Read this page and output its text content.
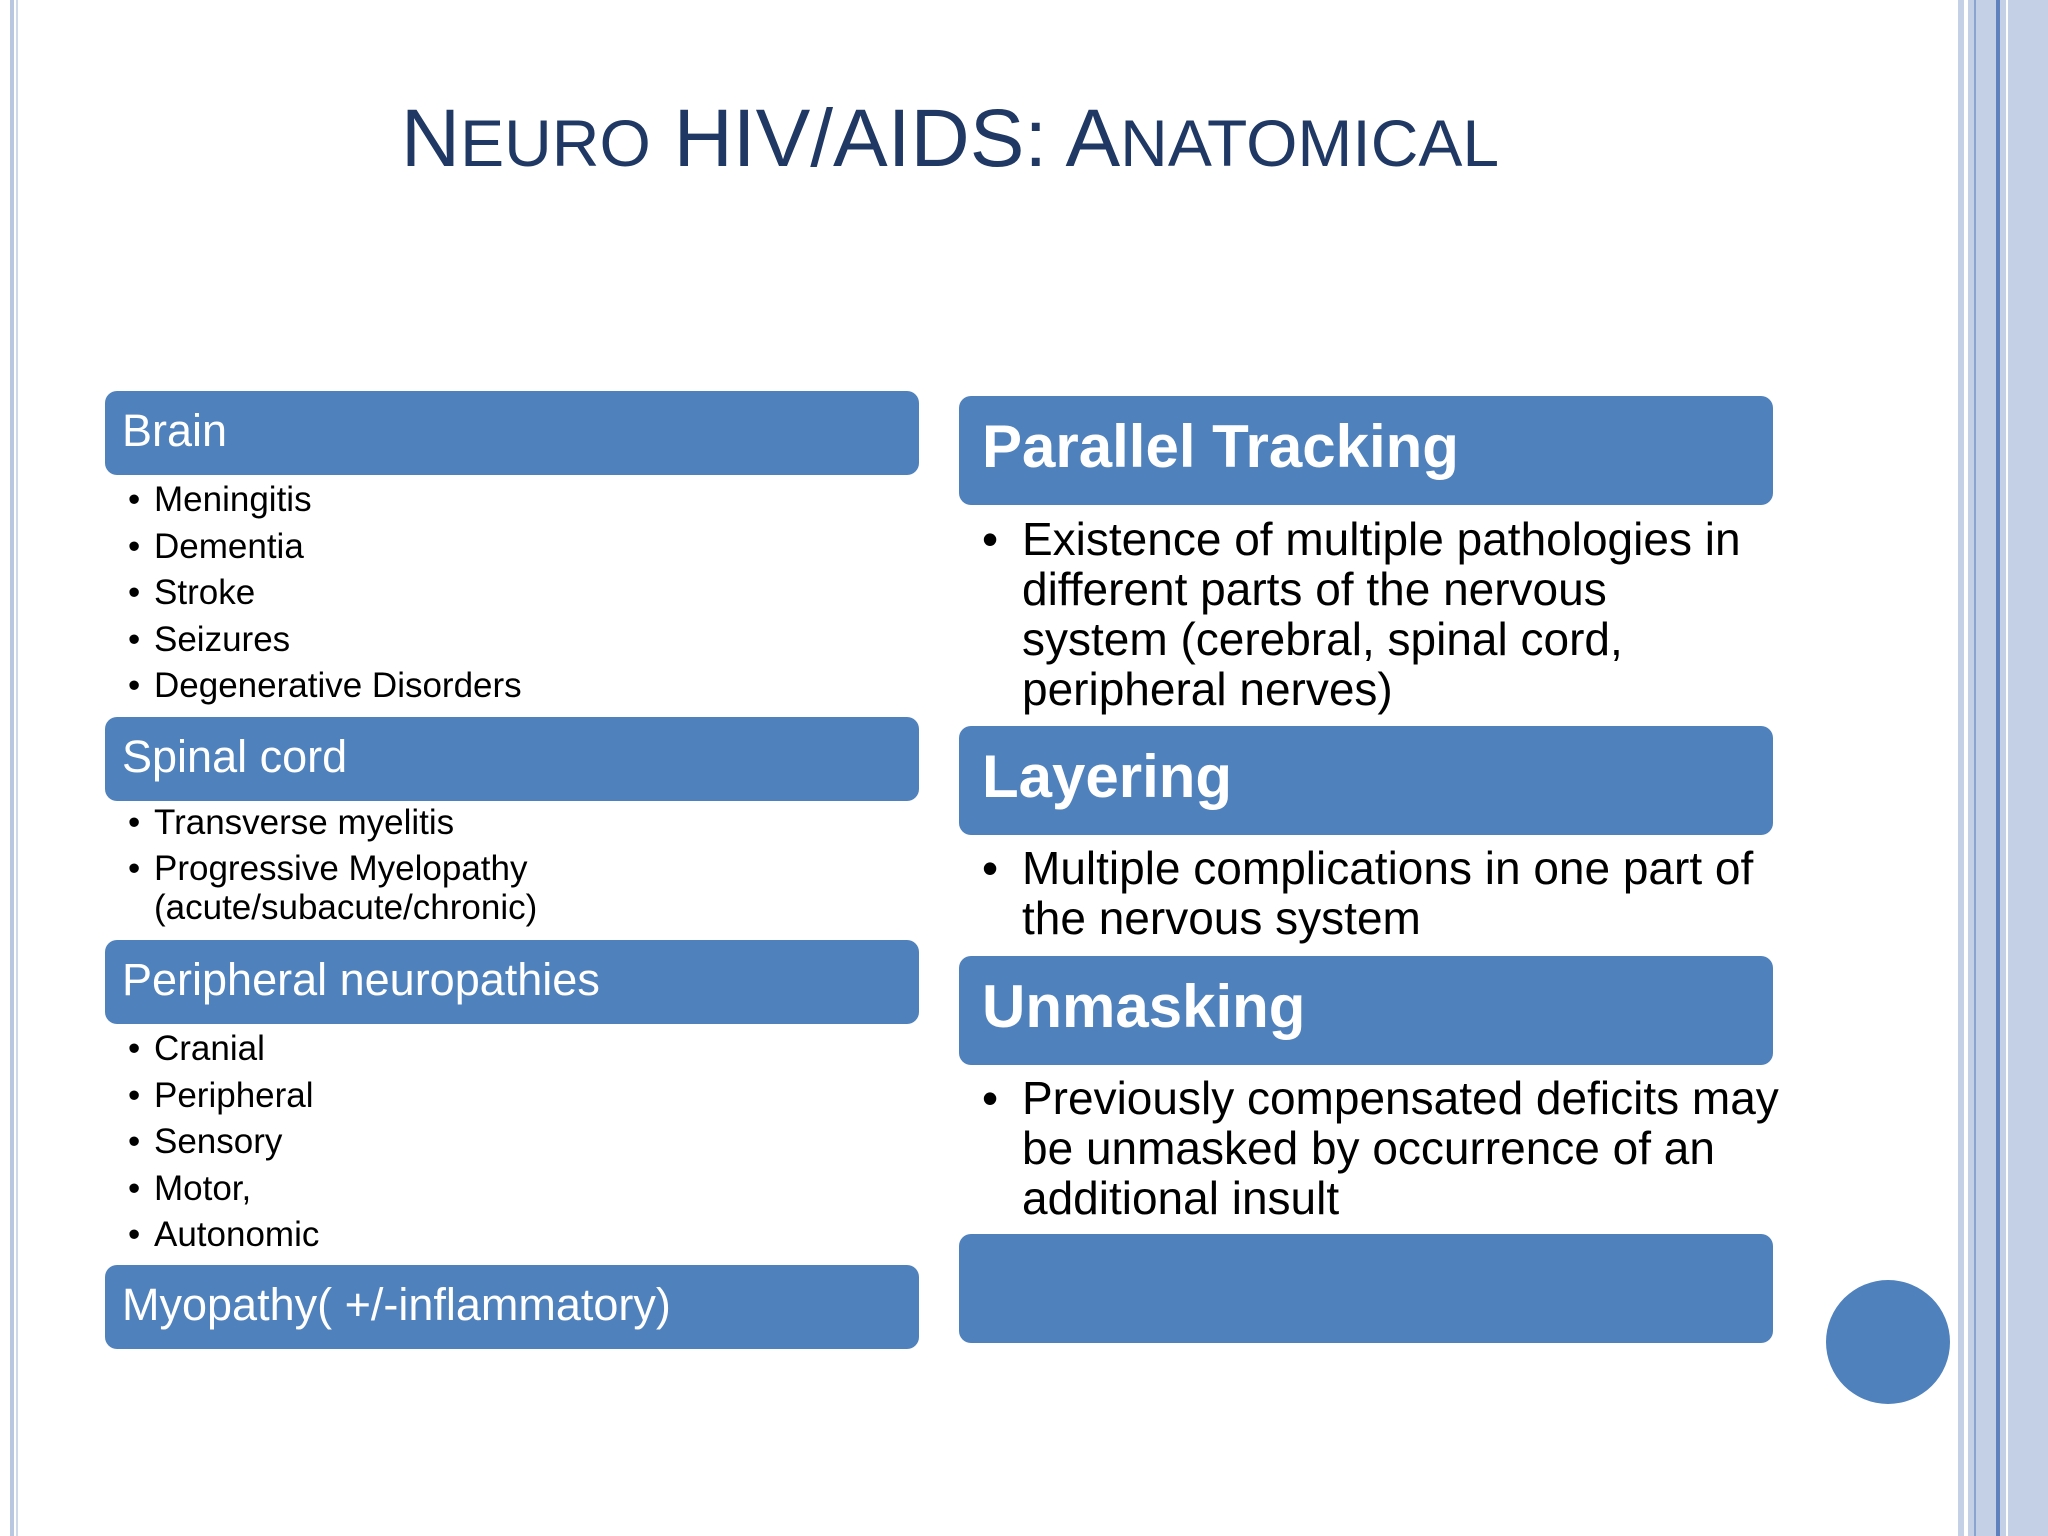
NEURO HIV/AIDS: ANATOMICAL
Brain
• Meningitis
• Dementia
• Stroke
• Seizures
• Degenerative Disorders
Spinal cord
• Transverse myelitis
• Progressive Myelopathy (acute/subacute/chronic)
Peripheral neuropathies
• Cranial
• Peripheral
• Sensory
• Motor,
• Autonomic
Myopathy( +/-inflammatory)
Parallel Tracking
• Existence of multiple pathologies in different parts of the nervous system (cerebral, spinal cord, peripheral nerves)
Layering
• Multiple complications in one part of the nervous system
Unmasking
• Previously compensated deficits may be unmasked by occurrence of an additional insult
